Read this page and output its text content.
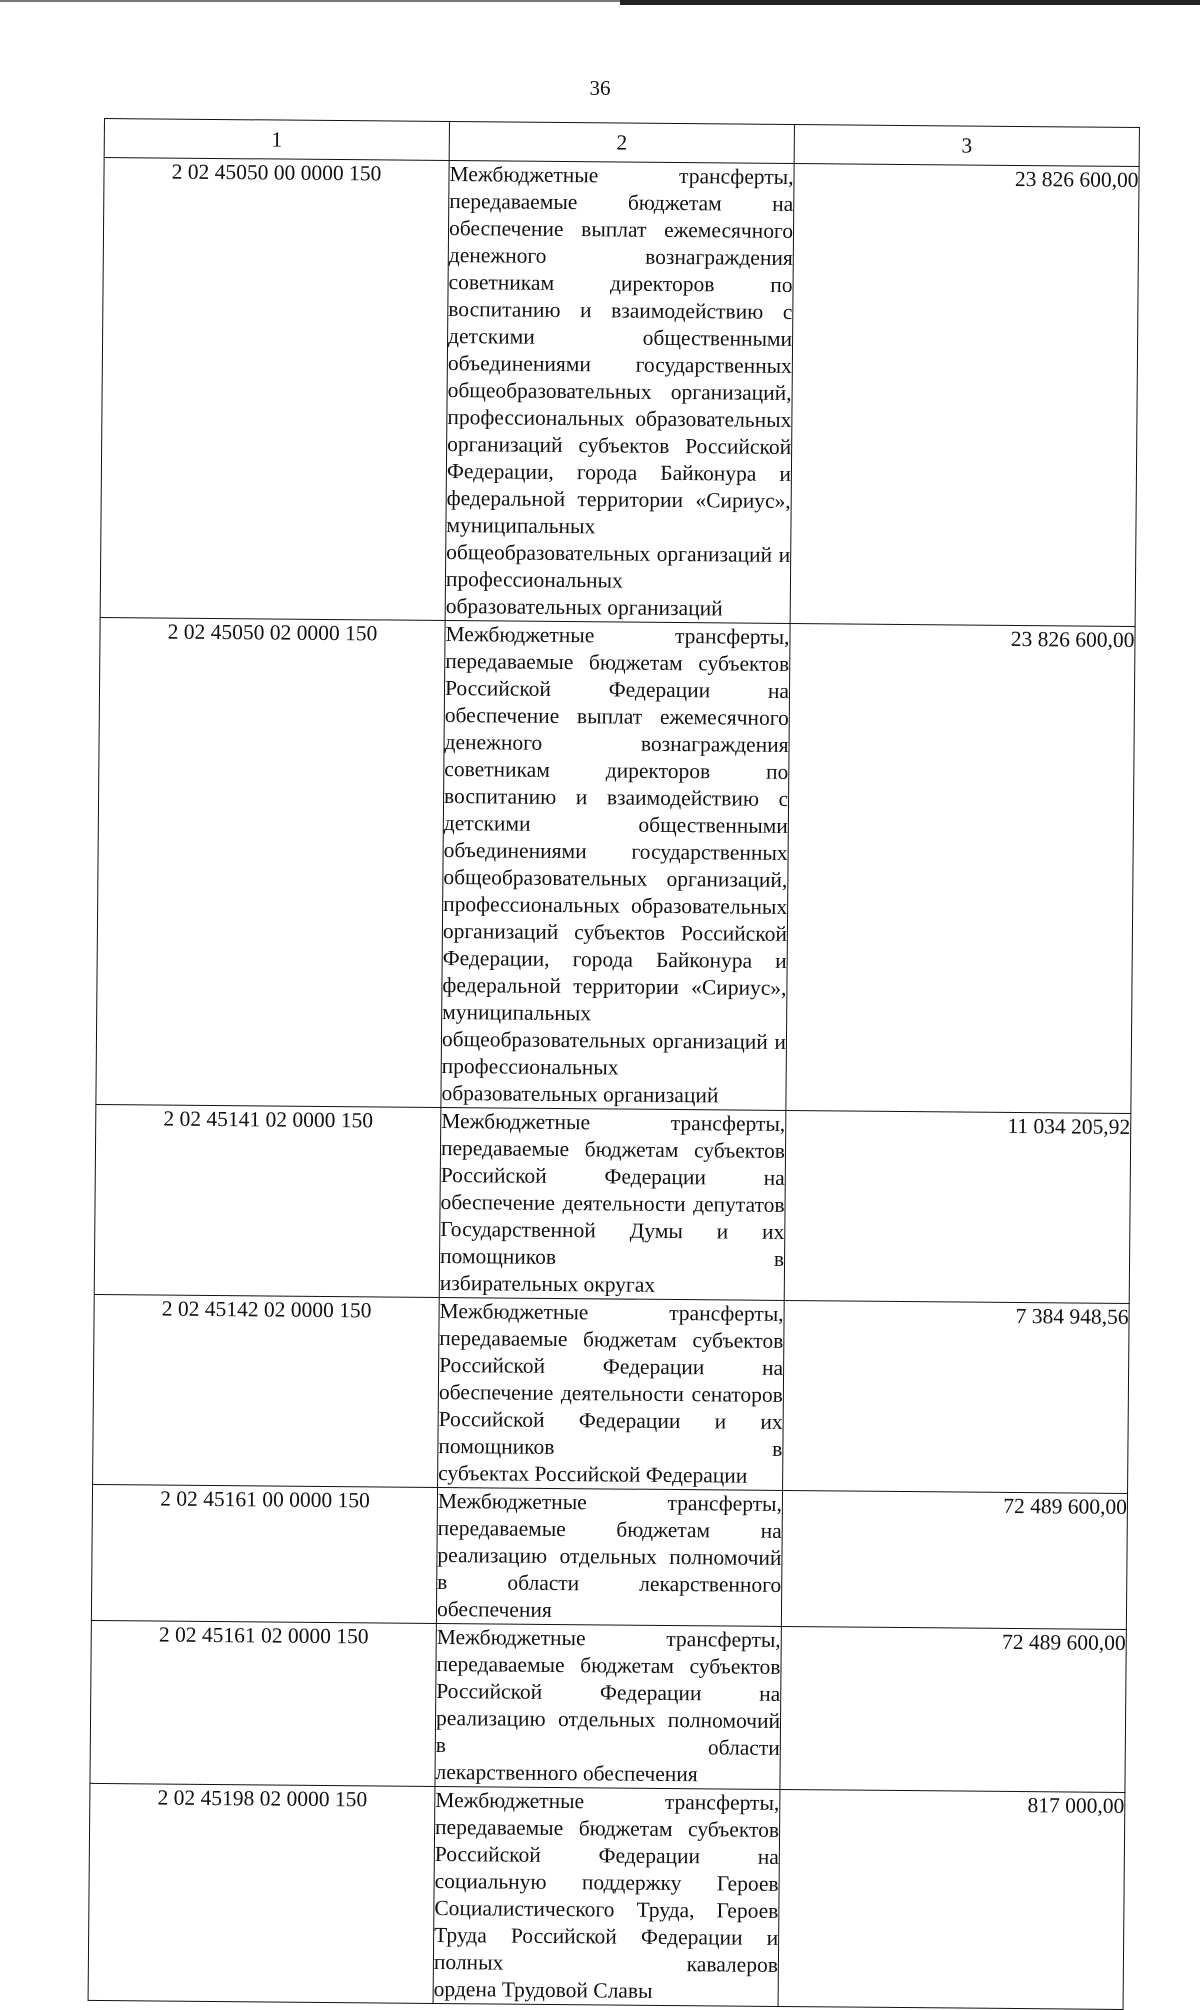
36
1	2	3
2 02 45050 00 0000 150	Межбюджетные трансферты, передаваемые бюджетам на обеспечение выплат ежемесячного денежного вознаграждения советникам директоров по воспитанию и взаимодействию с детскими общественными объединениями государственных общеобразовательных организаций, профессиональных образовательных организаций субъектов Российской Федерации, города Байконура и федеральной территории «Сириус», муниципальных общеобразовательных организаций и профессиональных
образовательных организаций	23 826 600,00
2 02 45050 02 0000 150	Межбюджетные трансферты, передаваемые бюджетам субъектов Российской Федерации на обеспечение выплат ежемесячного денежного вознаграждения советникам директоров по воспитанию и взаимодействию с детскими общественными объединениями государственных общеобразовательных организаций, профессиональных образовательных организаций субъектов Российской Федерации, города Байконура и федеральной территории «Сириус», муниципальных общеобразовательных организаций и профессиональных
образовательных организаций	23 826 600,00
2 02 45141 02 0000 150	Межбюджетные трансферты, передаваемые бюджетам субъектов Российской Федерации на обеспечение деятельности депутатов Государственной Думы и их помощников в
избирательных округах	11 034 205,92
2 02 45142 02 0000 150	Межбюджетные трансферты, передаваемые бюджетам субъектов Российской Федерации на обеспечение деятельности сенаторов Российской Федерации и их помощников в
субъектах Российской Федерации	7 384 948,56
2 02 45161 00 0000 150	Межбюджетные трансферты, передаваемые бюджетам на реализацию отдельных полномочий в области лекарственного
обеспечения	72 489 600,00
2 02 45161 02 0000 150	Межбюджетные трансферты, передаваемые бюджетам субъектов Российской Федерации на реализацию отдельных полномочий в области
лекарственного обеспечения	72 489 600,00
2 02 45198 02 0000 150	Межбюджетные трансферты, передаваемые бюджетам субъектов Российской Федерации на социальную поддержку Героев Социалистического Труда, Героев Труда Российской Федерации и полных кавалеров
ордена Трудовой Славы	817 000,00
